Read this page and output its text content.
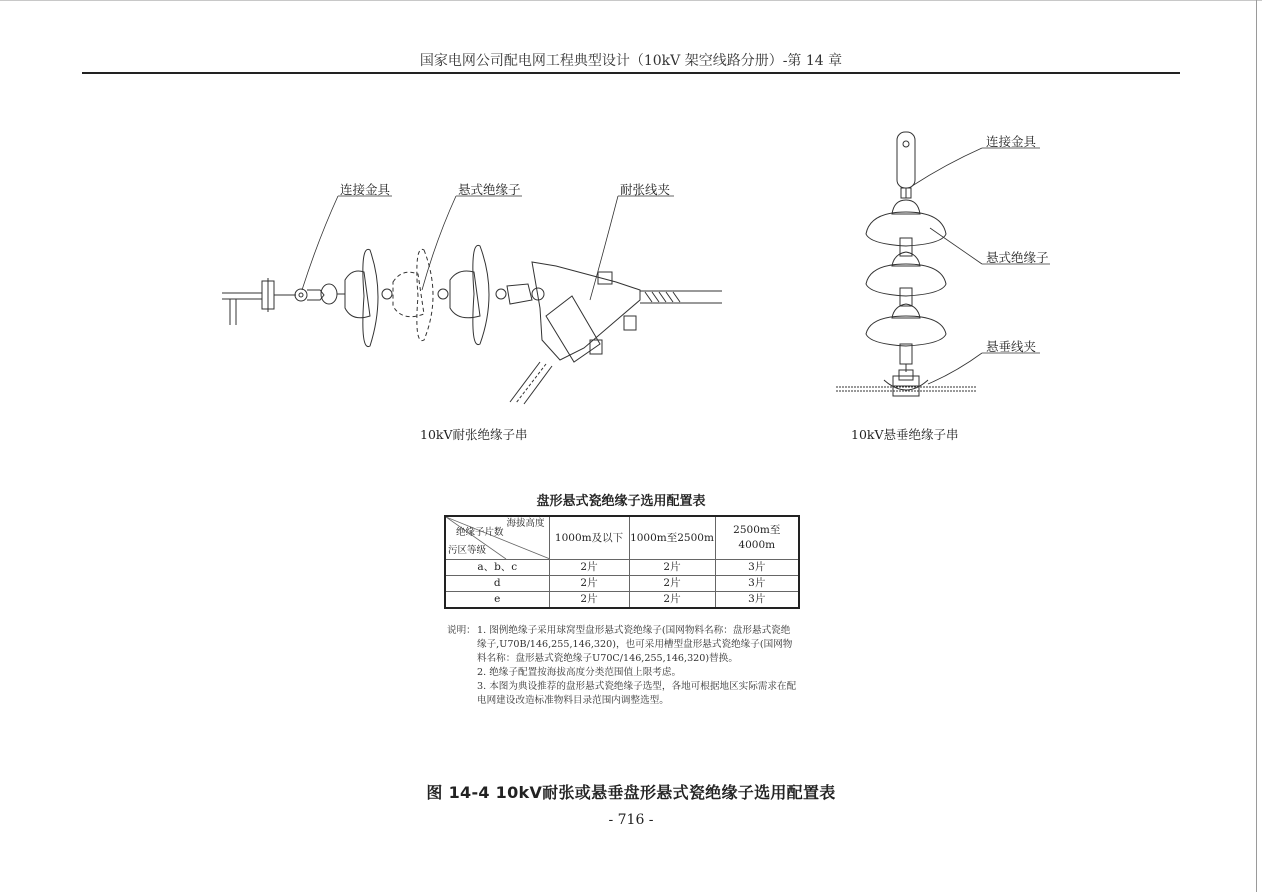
国家电网公司配电网工程典型设计（10kV 架空线路分册）-第 14 章
连接金具	悬式绝缘子	耐张线夹
10kV耐张绝缘子串
连接金具
悬式绝缘子
悬垂线夹
10kV悬垂绝缘子串
盘形悬式瓷绝缘子选用配置表
海拔高度
绝缘子片数
污区等级	1000m及以下	1000m至2500m	2500m至4000m
a、b、c	2片	2片	3片
d	2片	2片	3片
e	2片	2片	3片
说明： 1. 图例绝缘子采用球窝型盘形悬式瓷绝缘子(国网物料名称：盘形悬式瓷绝缘子,U70B/146,255,146,320)，也可采用槽型盘形悬式瓷绝缘子(国网物料名称：盘形悬式瓷绝缘子U70C/146,255,146,320)替换。
2. 绝缘子配置按海拔高度分类范围值上限考虑。
3. 本图为典设推荐的盘形悬式瓷绝缘子选型，各地可根据地区实际需求在配电网建设改造标准物料目录范围内调整选型。
图 14-4 10kV耐张或悬垂盘形悬式瓷绝缘子选用配置表
- 716 -
